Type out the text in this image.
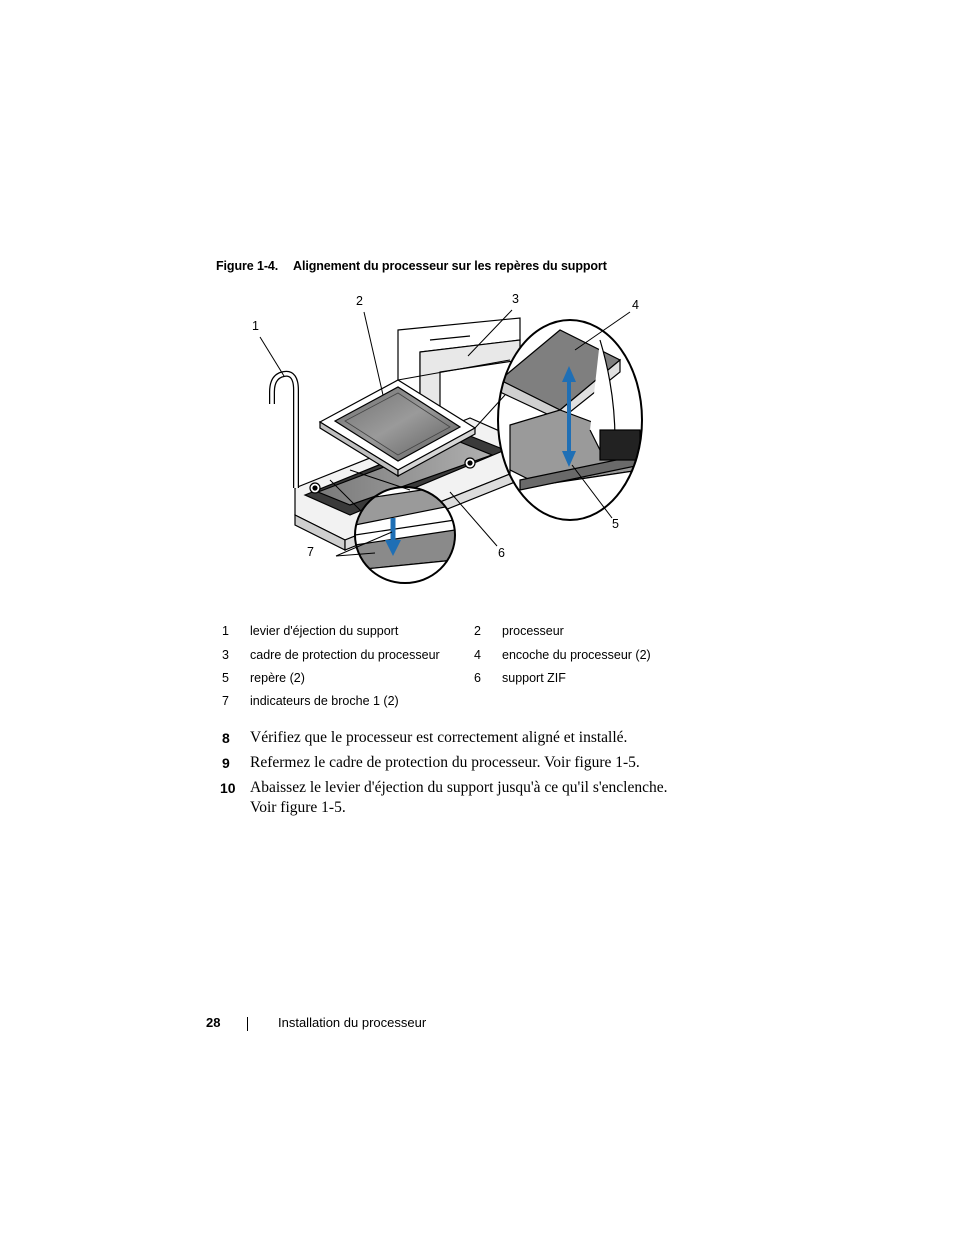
Figure 1-4. Alignement du processeur sur les repères du support
1
2	3	4
5
6
7
1 levier d'éjection du support	2 processeur
3 cadre de protection du processeur	4 encoche du processeur (2)
5 repère (2)	6 support ZIF
7 indicateurs de broche 1 (2)
8 Vérifiez que le processeur est correctement aligné et installé.
9 Refermez le cadre de protection du processeur. Voir figure 1-5.
10 Abaissez le levier d'éjection du support jusqu'à ce qu'il s'enclenche. Voir figure 1-5.
28	Installation du processeur
